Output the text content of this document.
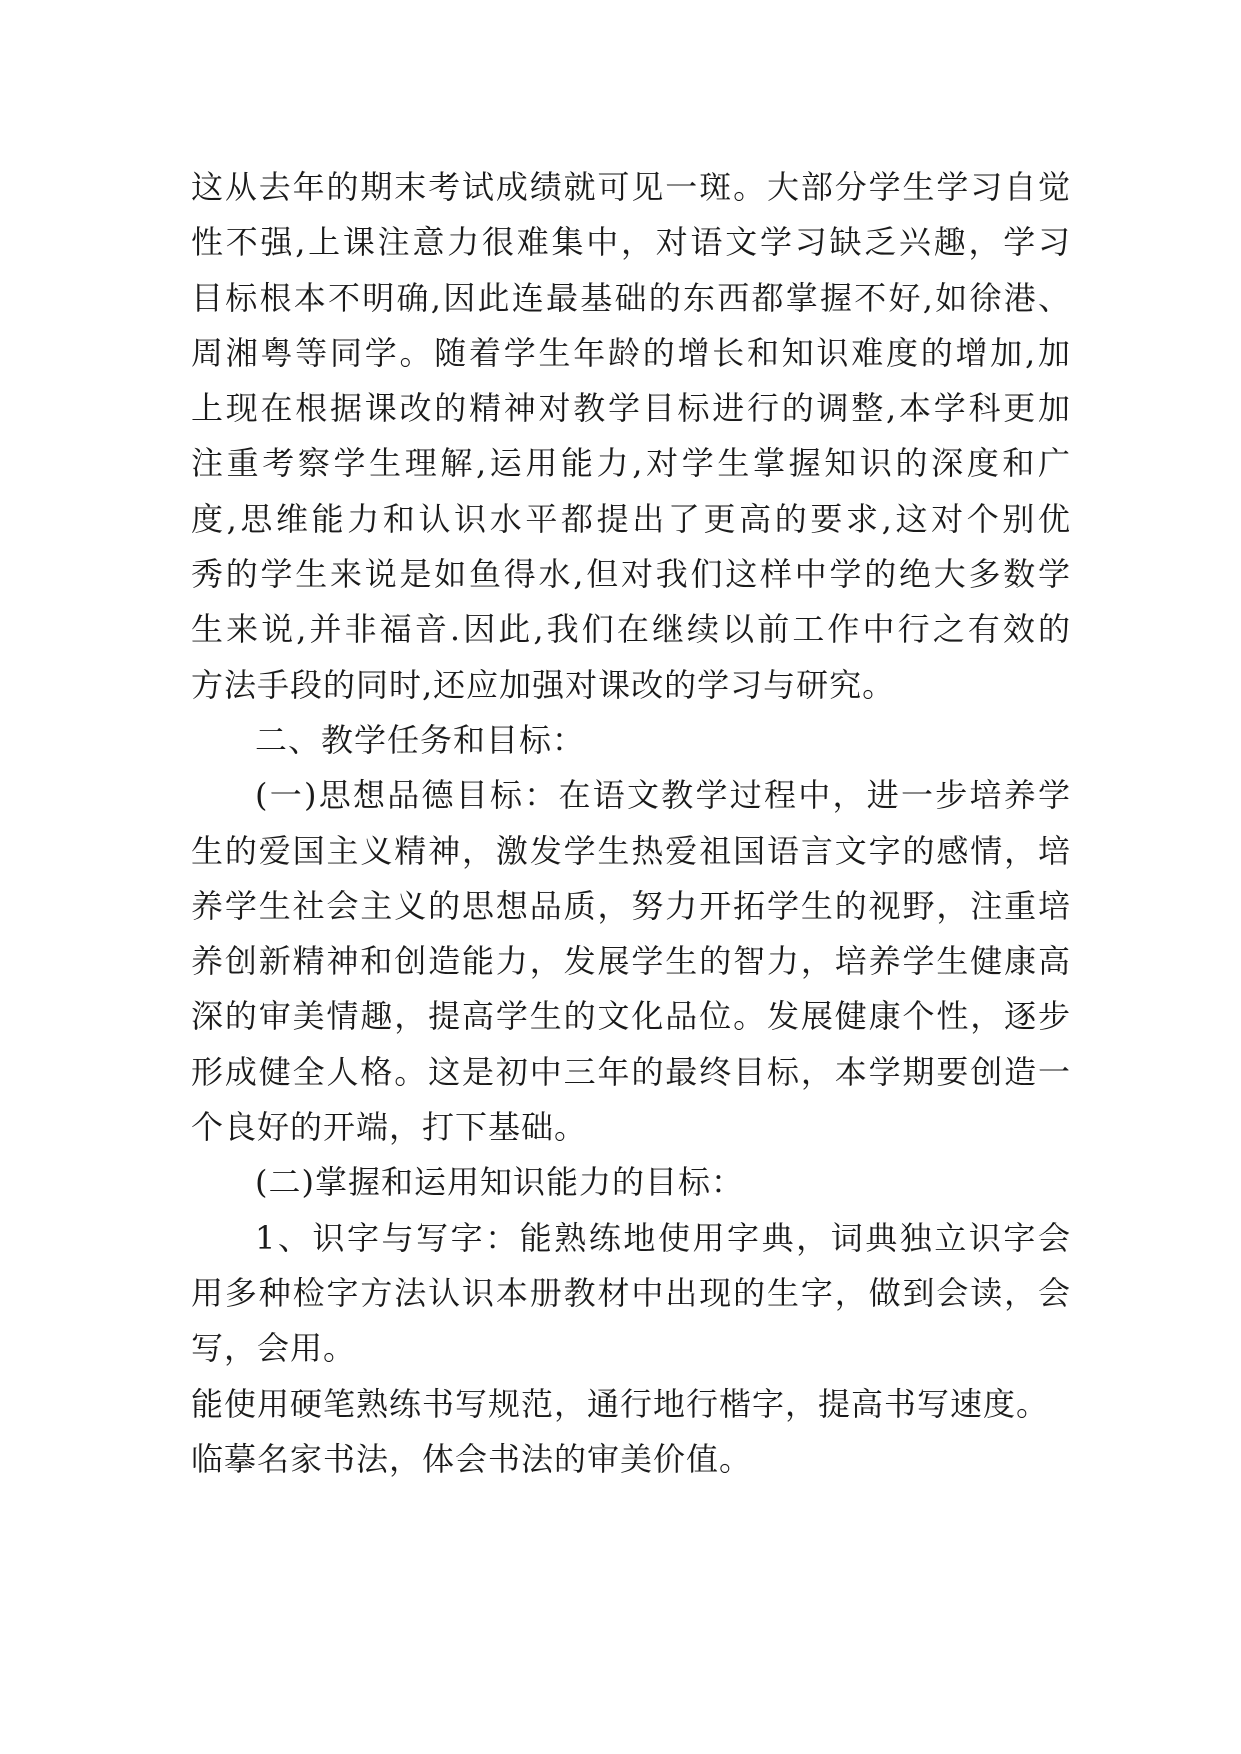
这从去年的期末考试成绩就可见一斑。大部分学生学习自觉
性不强,上课注意力很难集中，对语文学习缺乏兴趣，学习
目标根本不明确,因此连最基础的东西都掌握不好,如徐港、
周湘粤等同学。随着学生年龄的增长和知识难度的增加,加
上现在根据课改的精神对教学目标进行的调整,本学科更加
注重考察学生理解,运用能力,对学生掌握知识的深度和广
度,思维能力和认识水平都提出了更高的要求,这对个别优
秀的学生来说是如鱼得水,但对我们这样中学的绝大多数学
生来说,并非福音.因此,我们在继续以前工作中行之有效的
方法手段的同时,还应加强对课改的学习与研究。
二、教学任务和目标：
(一)思想品德目标：在语文教学过程中，进一步培养学
生的爱国主义精神，激发学生热爱祖国语言文字的感情，培
养学生社会主义的思想品质，努力开拓学生的视野，注重培
养创新精神和创造能力，发展学生的智力，培养学生健康高
深的审美情趣，提高学生的文化品位。发展健康个性，逐步
形成健全人格。这是初中三年的最终目标，本学期要创造一
个良好的开端，打下基础。
(二)掌握和运用知识能力的目标：
1、识字与写字：能熟练地使用字典，词典独立识字会
用多种检字方法认识本册教材中出现的生字，做到会读，会
写，会用。
能使用硬笔熟练书写规范，通行地行楷字，提高书写速度。
临摹名家书法，体会书法的审美价值。
